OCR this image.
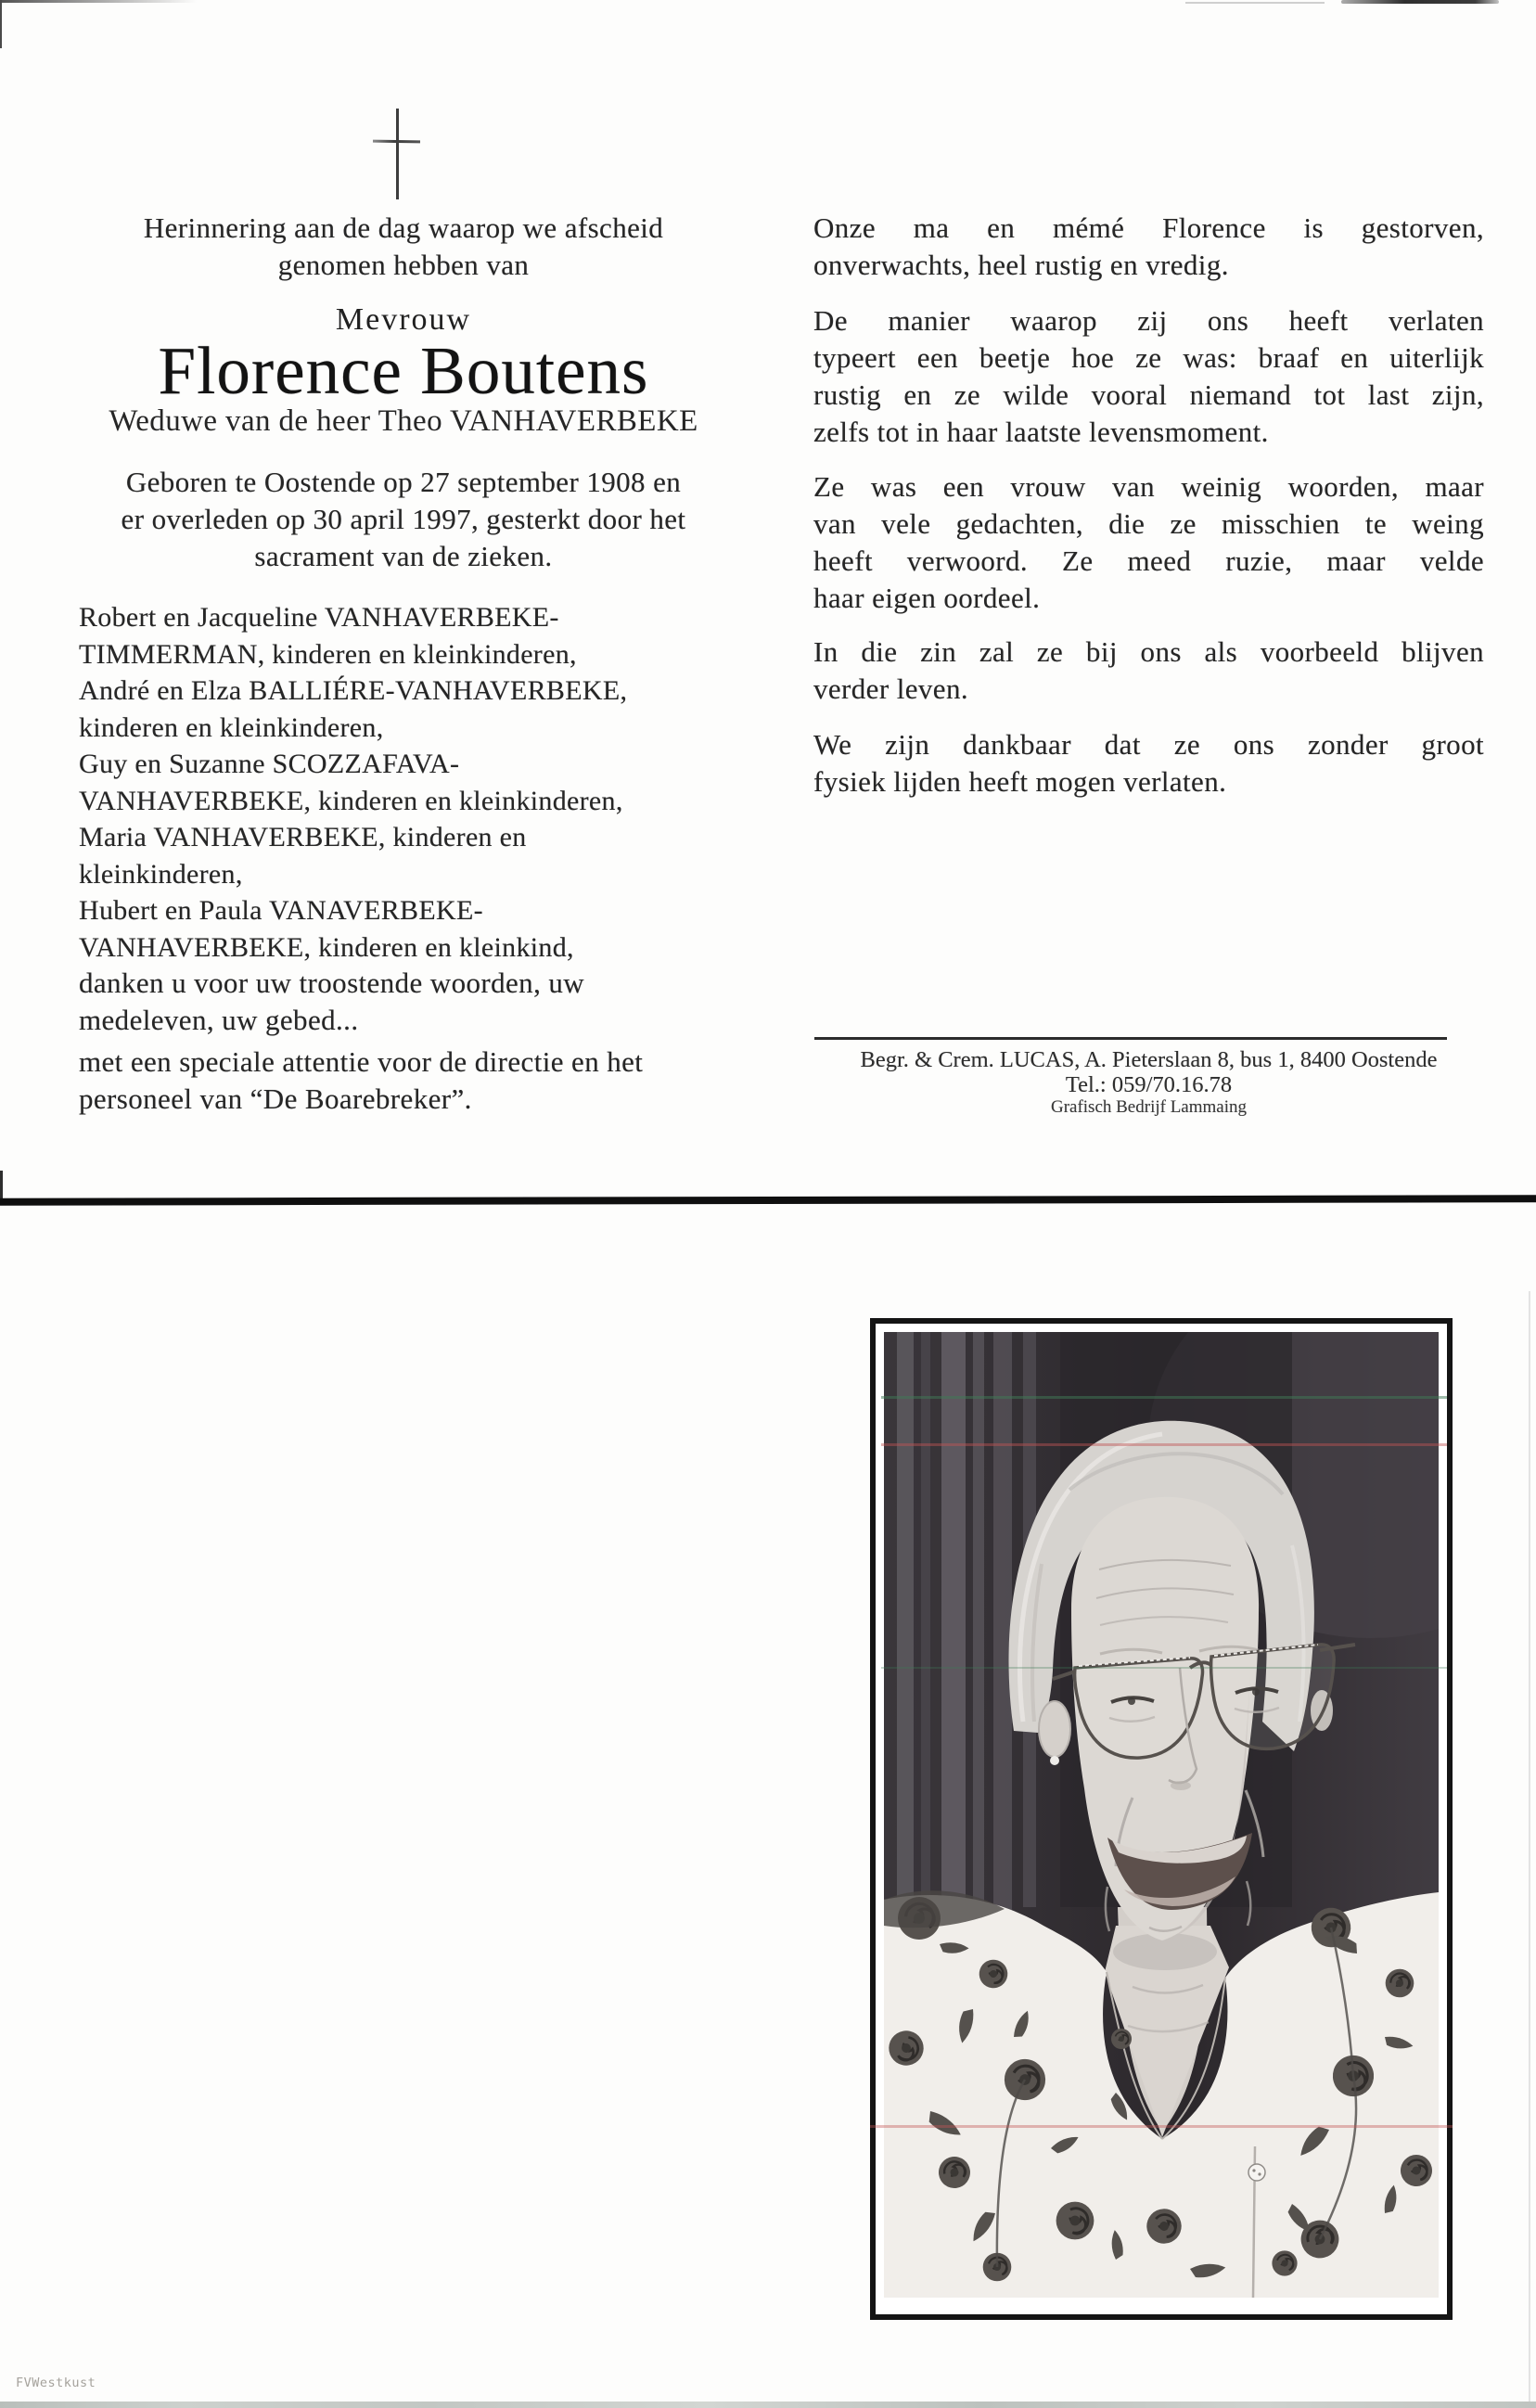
Herinnering aan de dag waarop we afscheid
genomen hebben van
Mevrouw
Florence Boutens
Weduwe van de heer Theo VANHAVERBEKE
Geboren te Oostende op 27 september 1908 en
er overleden op 30 april 1997, gesterkt door het
sacrament van de zieken.
Robert en Jacqueline VANHAVERBEKE-
TIMMERMAN, kinderen en kleinkinderen,
André en Elza BALLIÉRE-VANHAVERBEKE,
kinderen en kleinkinderen,
Guy en Suzanne SCOZZAFAVA-
VANHAVERBEKE, kinderen en kleinkinderen,
Maria VANHAVERBEKE, kinderen en
kleinkinderen,
Hubert en Paula VANAVERBEKE-
VANHAVERBEKE, kinderen en kleinkind,
danken u voor uw troostende woorden, uw
medeleven, uw gebed...
met een speciale attentie voor de directie en het
personeel van “De Boarebreker”.
Onze ma en mémé Florence is gestorven,
onverwachts, heel rustig en vredig.
De manier waarop zij ons heeft verlaten
typeert een beetje hoe ze was: braaf en uiterlijk
rustig en ze wilde vooral niemand tot last zijn,
zelfs tot in haar laatste levensmoment.
Ze was een vrouw van weinig woorden, maar
van vele gedachten, die ze misschien te weing
heeft verwoord. Ze meed ruzie, maar velde
haar eigen oordeel.
In die zin zal ze bij ons als voorbeeld blijven
verder leven.
We zijn dankbaar dat ze ons zonder groot
fysiek lijden heeft mogen verlaten.
Begr. & Crem. LUCAS, A. Pieterslaan 8, bus 1, 8400 Oostende
Tel.: 059/70.16.78
Grafisch Bedrijf Lammaing
FVWestkust
